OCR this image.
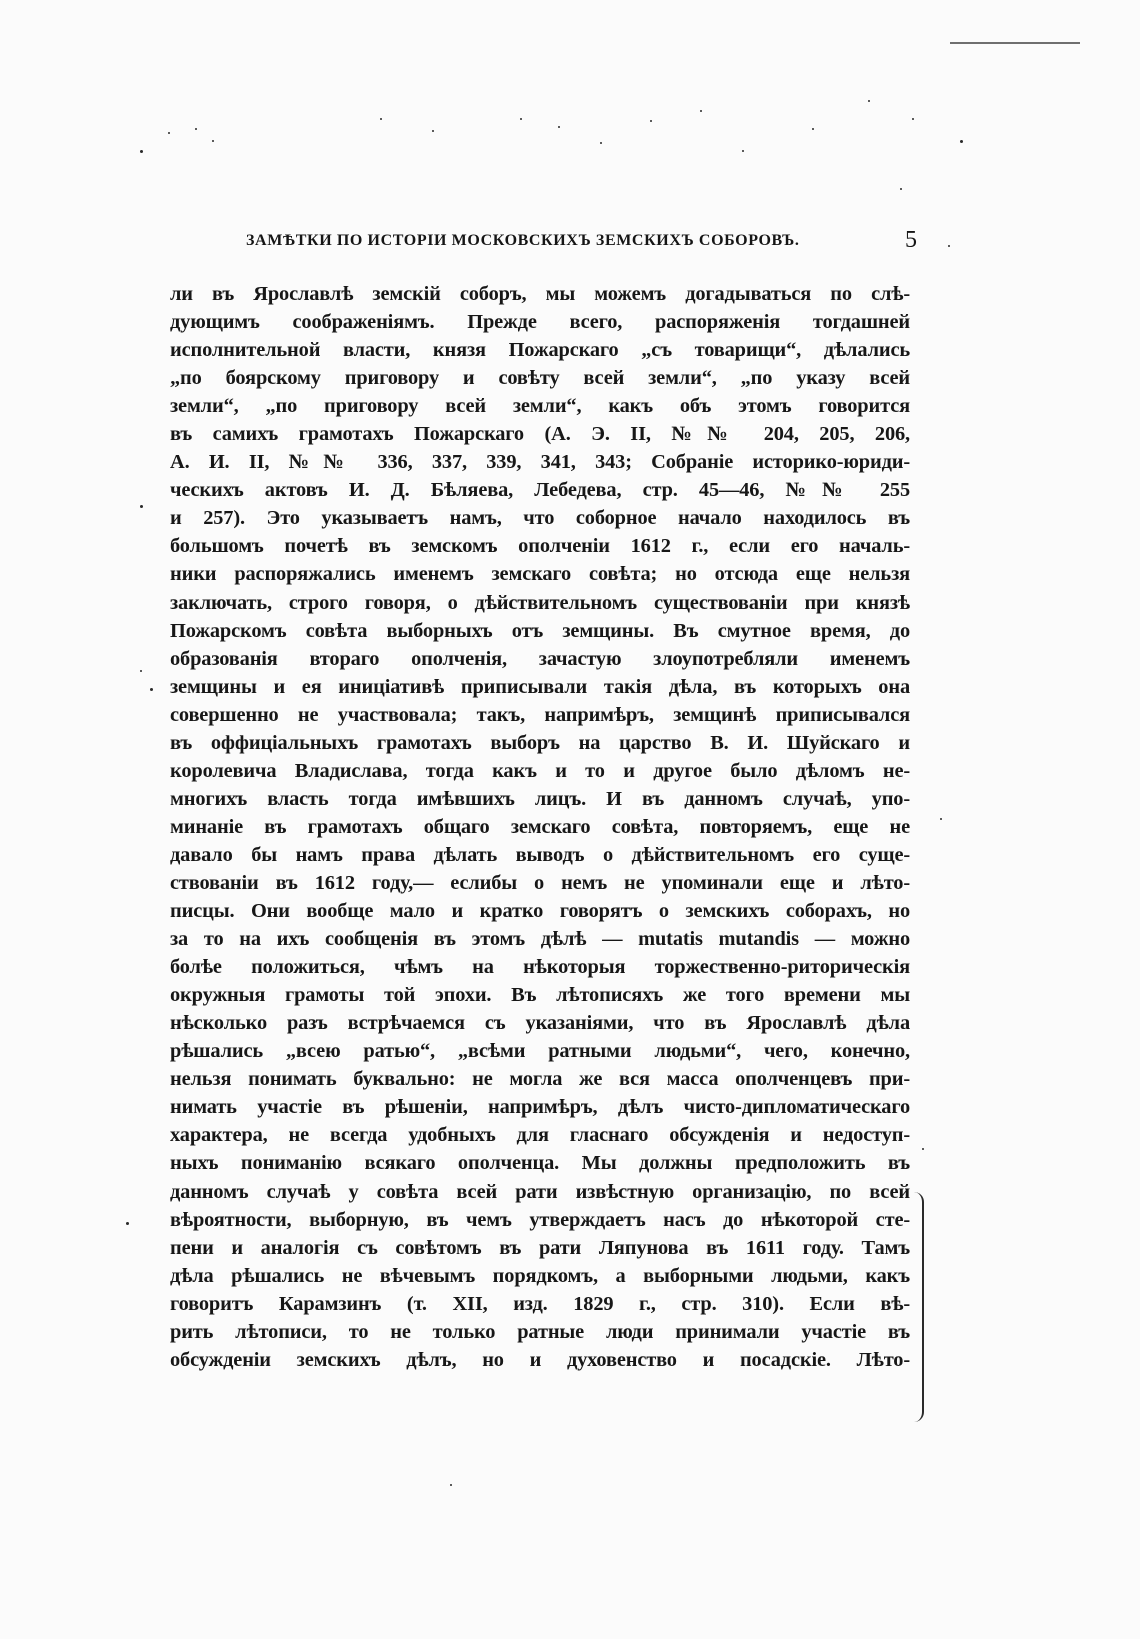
ЗАМѢТКИ ПО ИСТОРІИ МОСКОВСКИХЪ ЗЕМСКИХЪ СОБОРОВЪ.	5
ли въ Ярославлѣ земскій соборъ, мы можемъ догадываться по слѣ-
дующимъ соображеніямъ. Прежде всего, распоряженія тогдашней
исполнительной власти, князя Пожарскаго „съ товарищи“, дѣлались
„по боярскому приговору и совѣту всей земли“, „по указу всей
земли“, „по приговору всей земли“, какъ объ этомъ говорится
въ самихъ грамотахъ Пожарскаго (А. Э. II, №№ 204, 205, 206,
А. И. II, №№ 336, 337, 339, 341, 343; Собраніе историко-юриди-
ческихъ актовъ И. Д. Бѣляева, Лебедева, стр. 45—46, №№ 255
и 257). Это указываетъ намъ, что соборное начало находилось въ
большомъ почетѣ въ земскомъ ополченіи 1612 г., если его началь-
ники распоряжались именемъ земскаго совѣта; но отсюда еще нельзя
заключать, строго говоря, о дѣйствительномъ существованіи при князѣ
Пожарскомъ совѣта выборныхъ отъ земщины. Въ смутное время, до
образованія втораго ополченія, зачастую злоупотребляли именемъ
земщины и ея иниціативѣ приписывали такія дѣла, въ которыхъ она
совершенно не участвовала; такъ, напримѣръ, земщинѣ приписывался
въ оффиціальныхъ грамотахъ выборъ на царство В. И. Шуйскаго и
королевича Владислава, тогда какъ и то и другое было дѣломъ не-
многихъ власть тогда имѣвшихъ лицъ. И въ данномъ случаѣ, упо-
минаніе въ грамотахъ общаго земскаго совѣта, повторяемъ, еще не
давало бы намъ права дѣлать выводъ о дѣйствительномъ его суще-
ствованіи въ 1612 году,— еслибы о немъ не упоминали еще и лѣто-
писцы. Они вообще мало и кратко говорятъ о земскихъ соборахъ, но
за то на ихъ сообщенія въ этомъ дѣлѣ — mutatis mutandis — можно
болѣе положиться, чѣмъ на нѣкоторыя торжественно-риторическія
окружныя грамоты той эпохи. Въ лѣтописяхъ же того времени мы
нѣсколько разъ встрѣчаемся съ указаніями, что въ Ярославлѣ дѣла
рѣшались „всею ратью“, „всѣми ратными людьми“, чего, конечно,
нельзя понимать буквально: не могла же вся масса ополченцевъ при-
нимать участіе въ рѣшеніи, напримѣръ, дѣлъ чисто-дипломатическаго
характера, не всегда удобныхъ для гласнаго обсужденія и недоступ-
ныхъ пониманію всякаго ополченца. Мы должны предположить въ
данномъ случаѣ у совѣта всей рати извѣстную организацію, по всей
вѣроятности, выборную, въ чемъ утверждаетъ насъ до нѣкоторой сте-
пени и аналогія съ совѣтомъ въ рати Ляпунова въ 1611 году. Тамъ
дѣла рѣшались не вѣчевымъ порядкомъ, а выборными людьми, какъ
говоритъ Карамзинъ (т. XII, изд. 1829 г., стр. 310). Если вѣ-
рить лѣтописи, то не только ратные люди принимали участіе въ
обсужденіи земскихъ дѣлъ, но и духовенство и посадскіе. Лѣто-
